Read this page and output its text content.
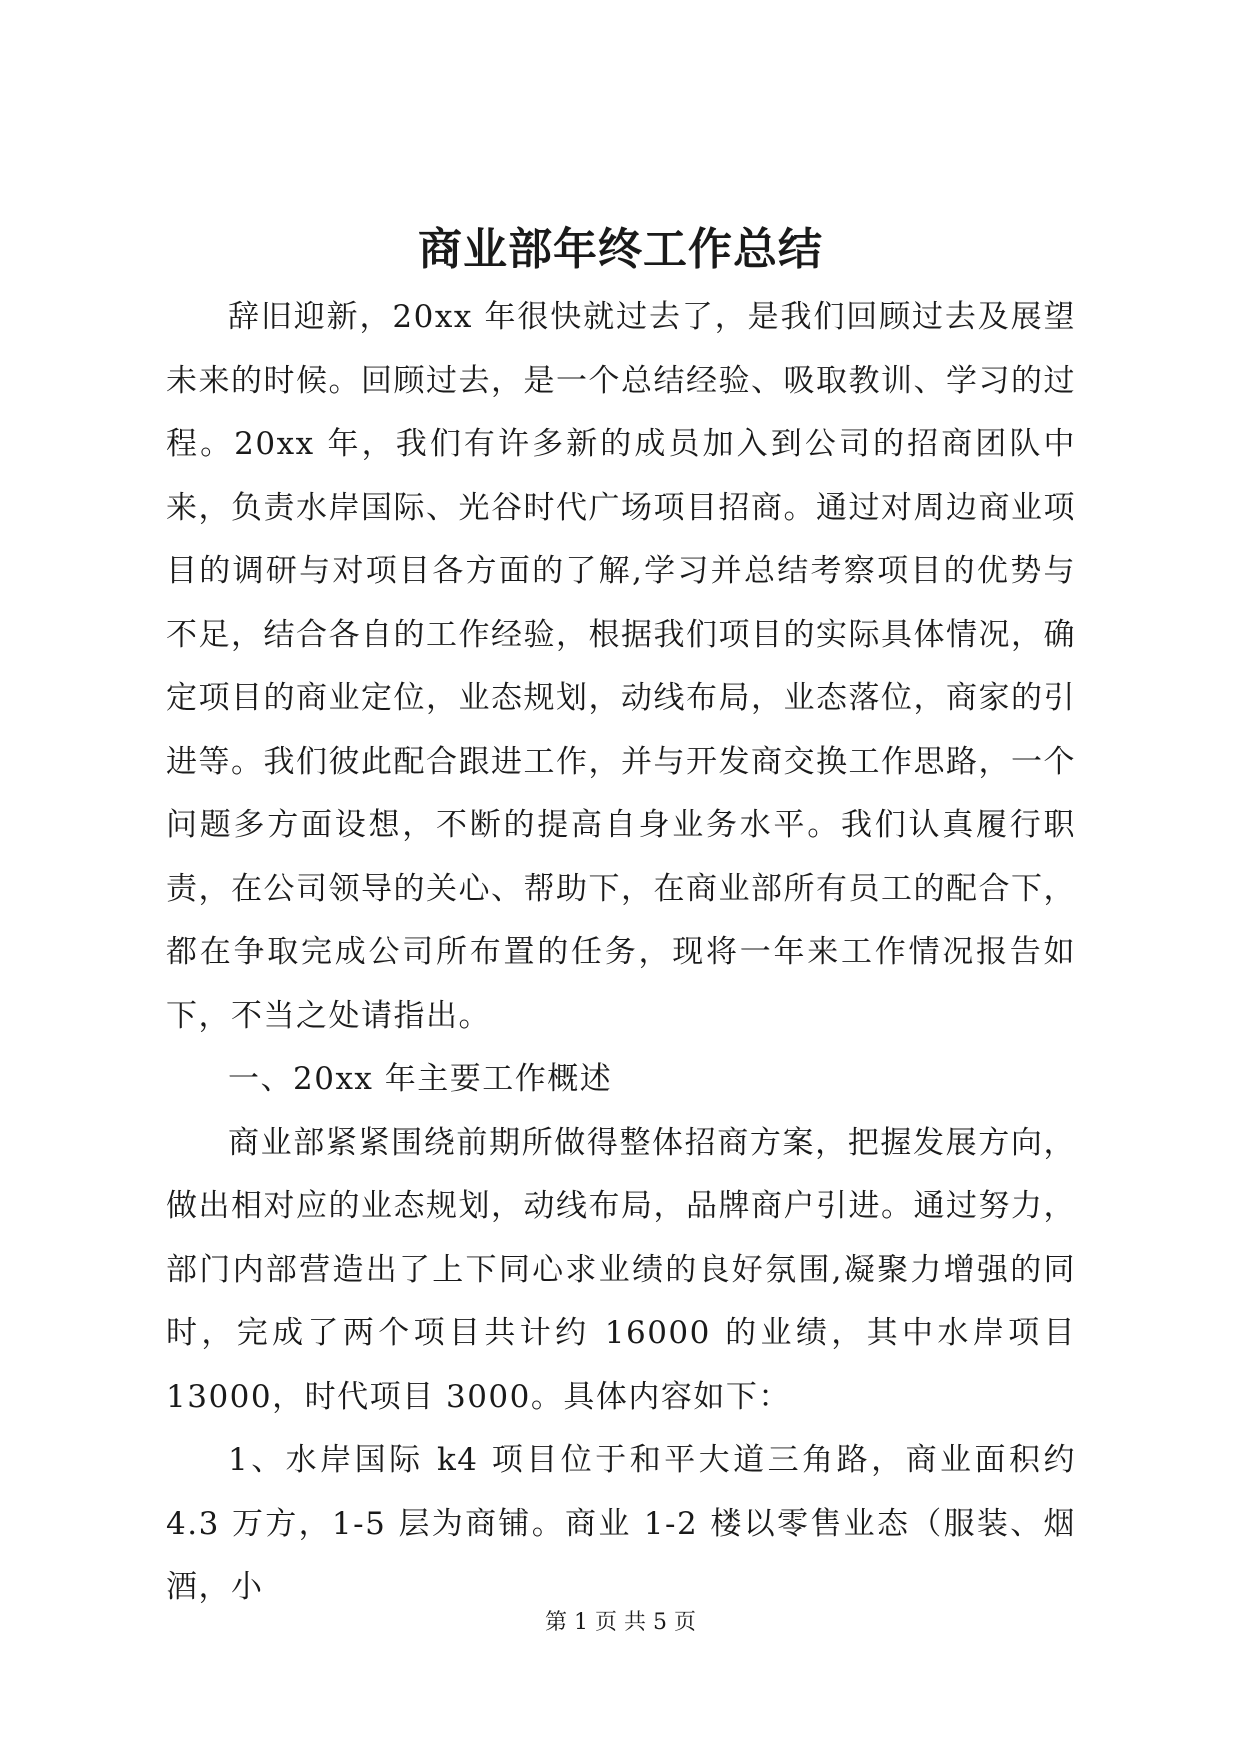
商业部年终工作总结

辞旧迎新，20xx 年很快就过去了，是我们回顾过去及展望未来的时候。回顾过去，是一个总结经验、吸取教训、学习的过程。20xx 年，我们有许多新的成员加入到公司的招商团队中来，负责水岸国际、光谷时代广场项目招商。通过对周边商业项目的调研与对项目各方面的了解,学习并总结考察项目的优势与不足，结合各自的工作经验，根据我们项目的实际具体情况，确定项目的商业定位，业态规划，动线布局，业态落位，商家的引进等。我们彼此配合跟进工作，并与开发商交换工作思路，一个问题多方面设想，不断的提高自身业务水平。我们认真履行职责，在公司领导的关心、帮助下，在商业部所有员工的配合下，都在争取完成公司所布置的任务，现将一年来工作情况报告如下，不当之处请指出。

一、20xx 年主要工作概述

商业部紧紧围绕前期所做得整体招商方案，把握发展方向，做出相对应的业态规划，动线布局，品牌商户引进。通过努力，部门内部营造出了上下同心求业绩的良好氛围,凝聚力增强的同时，完成了两个项目共计约 16000 的业绩，其中水岸项目 13000，时代项目 3000。具体内容如下：

1、水岸国际 k4 项目位于和平大道三角路，商业面积约 4.3 万方，1-5 层为商铺。商业 1-2 楼以零售业态（服装、烟酒，小

第 1 页 共 5 页
